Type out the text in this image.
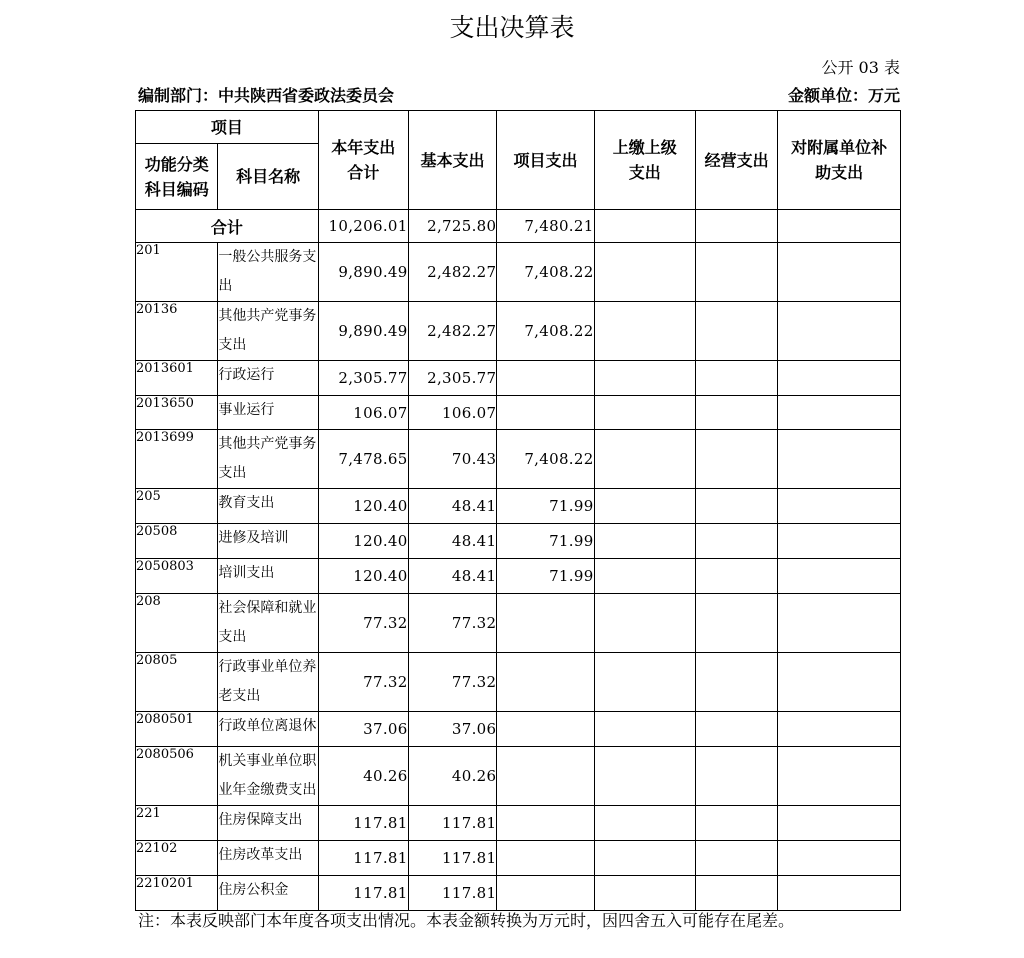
支出决算表
公开 03 表
编制部门：中共陕西省委政法委员会	金额单位：万元
项目		本年支出合计	基本支出	项目支出	上缴上级支出	经营支出	对附属单位补助支出
功能分类科目编码	科目名称						
合计		10,206.01	2,725.80	7,480.21			
201	一般公共服务支出	9,890.49	2,482.27	7,408.22			
20136	其他共产党事务支出	9,890.49	2,482.27	7,408.22			
2013601	行政运行	2,305.77	2,305.77				
2013650	事业运行	106.07	106.07				
2013699	其他共产党事务支出	7,478.65	70.43	7,408.22			
205	教育支出	120.40	48.41	71.99			
20508	进修及培训	120.40	48.41	71.99			
2050803	培训支出	120.40	48.41	71.99			
208	社会保障和就业支出	77.32	77.32				
20805	行政事业单位养老支出	77.32	77.32				
2080501	行政单位离退休	37.06	37.06				
2080506	机关事业单位职业年金缴费支出	40.26	40.26				
221	住房保障支出	117.81	117.81				
22102	住房改革支出	117.81	117.81				
2210201	住房公积金	117.81	117.81				
注：本表反映部门本年度各项支出情况。本表金额转换为万元时，因四舍五入可能存在尾差。
